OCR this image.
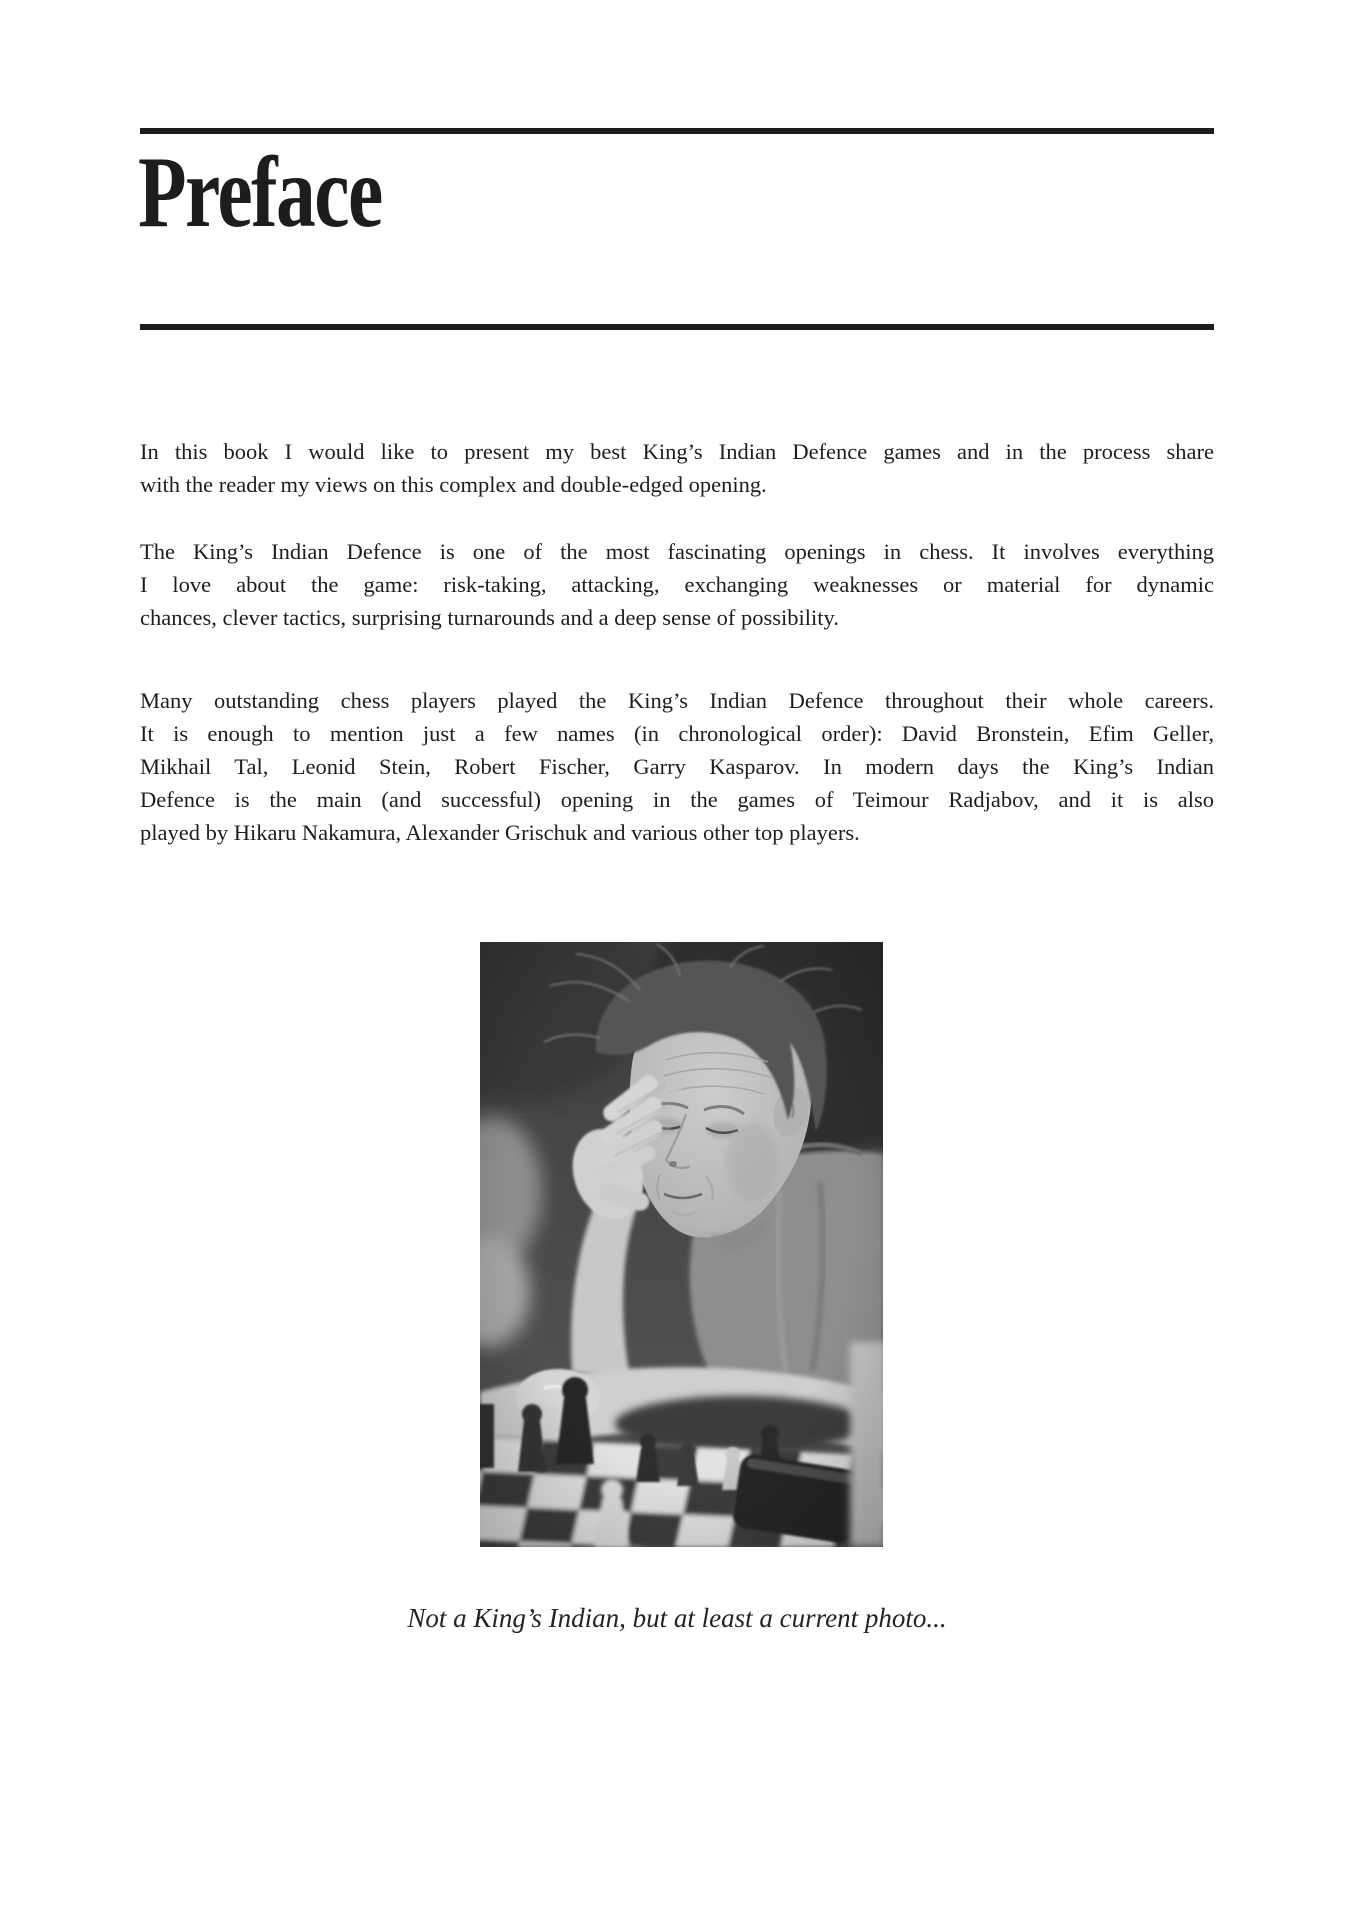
Preface
In this book I would like to present my best King’s Indian Defence games and in the process share
with the reader my views on this complex and double-edged opening.
The King’s Indian Defence is one of the most fascinating openings in chess. It involves everything
I love about the game: risk-taking, attacking, exchanging weaknesses or material for dynamic
chances, clever tactics, surprising turnarounds and a deep sense of possibility.
Many outstanding chess players played the King’s Indian Defence throughout their whole careers.
It is enough to mention just a few names (in chronological order): David Bronstein, Efim Geller,
Mikhail Tal, Leonid Stein, Robert Fischer, Garry Kasparov. In modern days the King’s Indian
Defence is the main (and successful) opening in the games of Teimour Radjabov, and it is also
played by Hikaru Nakamura, Alexander Grischuk and various other top players.
Not a King’s Indian, but at least a current photo...
